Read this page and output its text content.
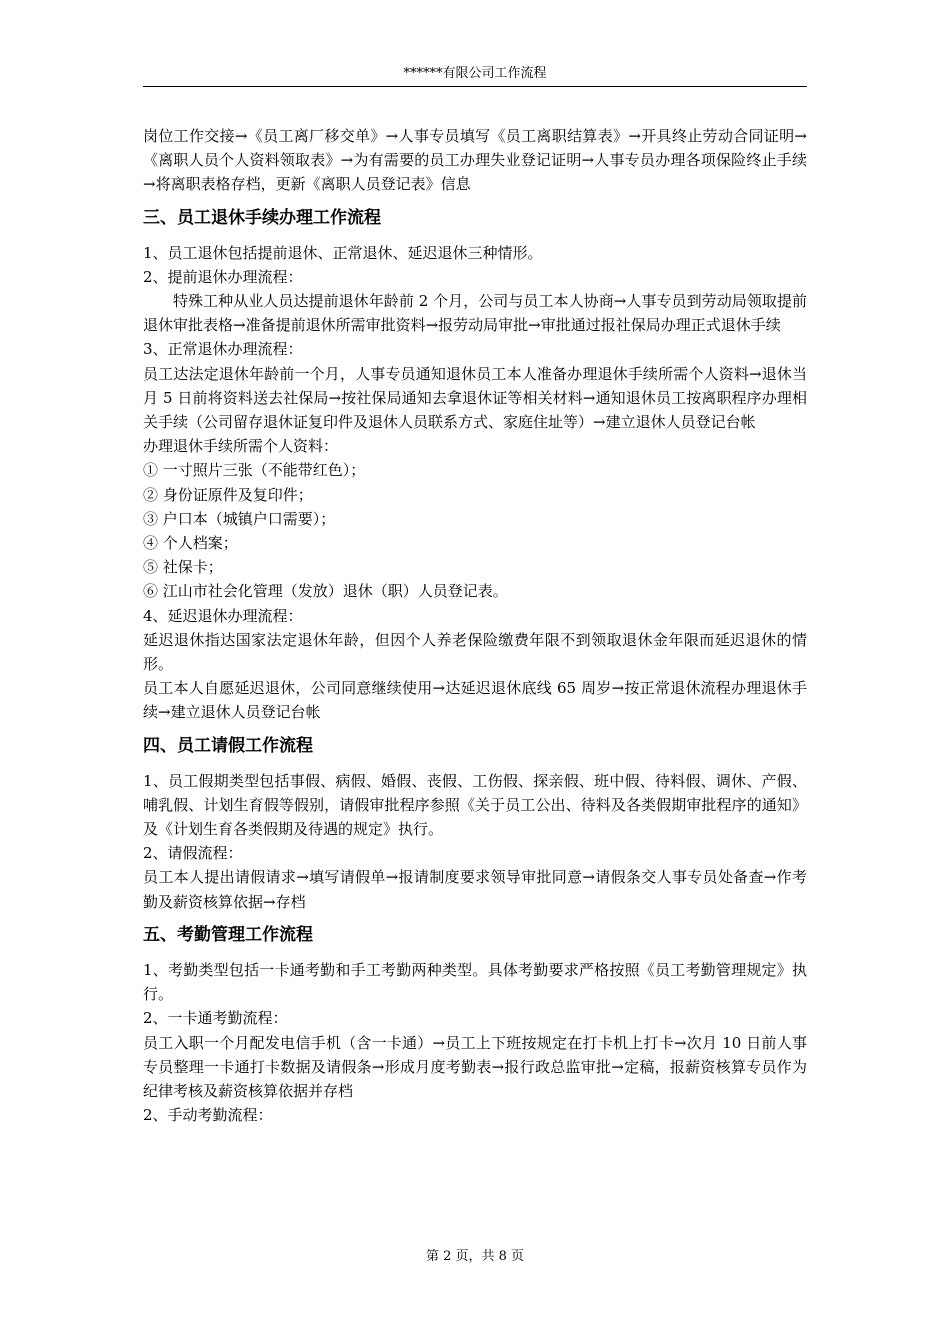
******有限公司工作流程

岗位工作交接→《员工离厂移交单》→人事专员填写《员工离职结算表》→开具终止劳动合同证明→《离职人员个人资料领取表》→为有需要的员工办理失业登记证明→人事专员办理各项保险终止手续→将离职表格存档，更新《离职人员登记表》信息

三、员工退休手续办理工作流程

1、员工退休包括提前退休、正常退休、延迟退休三种情形。

2、提前退休办理流程：

特殊工种从业人员达提前退休年龄前 2 个月，公司与员工本人协商→人事专员到劳动局领取提前退休审批表格→准备提前退休所需审批资料→报劳动局审批→审批通过报社保局办理正式退休手续

3、正常退休办理流程：

员工达法定退休年龄前一个月，人事专员通知退休员工本人准备办理退休手续所需个人资料→退休当月 5 日前将资料送去社保局→按社保局通知去拿退休证等相关材料→通知退休员工按离职程序办理相关手续（公司留存退休证复印件及退休人员联系方式、家庭住址等）→建立退休人员登记台帐

办理退休手续所需个人资料：

① 一寸照片三张（不能带红色）；

② 身份证原件及复印件；

③ 户口本（城镇户口需要）；

④ 个人档案；

⑤ 社保卡；

⑥ 江山市社会化管理（发放）退休（职）人员登记表。

4、延迟退休办理流程：

延迟退休指达国家法定退休年龄，但因个人养老保险缴费年限不到领取退休金年限而延迟退休的情形。

员工本人自愿延迟退休，公司同意继续使用→达延迟退休底线 65 周岁→按正常退休流程办理退休手续→建立退休人员登记台帐

四、员工请假工作流程

1、员工假期类型包括事假、病假、婚假、丧假、工伤假、探亲假、班中假、待料假、调休、产假、哺乳假、计划生育假等假别，请假审批程序参照《关于员工公出、待料及各类假期审批程序的通知》及《计划生育各类假期及待遇的规定》执行。

2、请假流程：

员工本人提出请假请求→填写请假单→报请制度要求领导审批同意→请假条交人事专员处备查→作考勤及薪资核算依据→存档

五、考勤管理工作流程

1、考勤类型包括一卡通考勤和手工考勤两种类型。具体考勤要求严格按照《员工考勤管理规定》执行。

2、一卡通考勤流程：

员工入职一个月配发电信手机（含一卡通）→员工上下班按规定在打卡机上打卡→次月 10 日前人事专员整理一卡通打卡数据及请假条→形成月度考勤表→报行政总监审批→定稿，报薪资核算专员作为纪律考核及薪资核算依据并存档

2、手动考勤流程：

第 2 页，共 8 页
